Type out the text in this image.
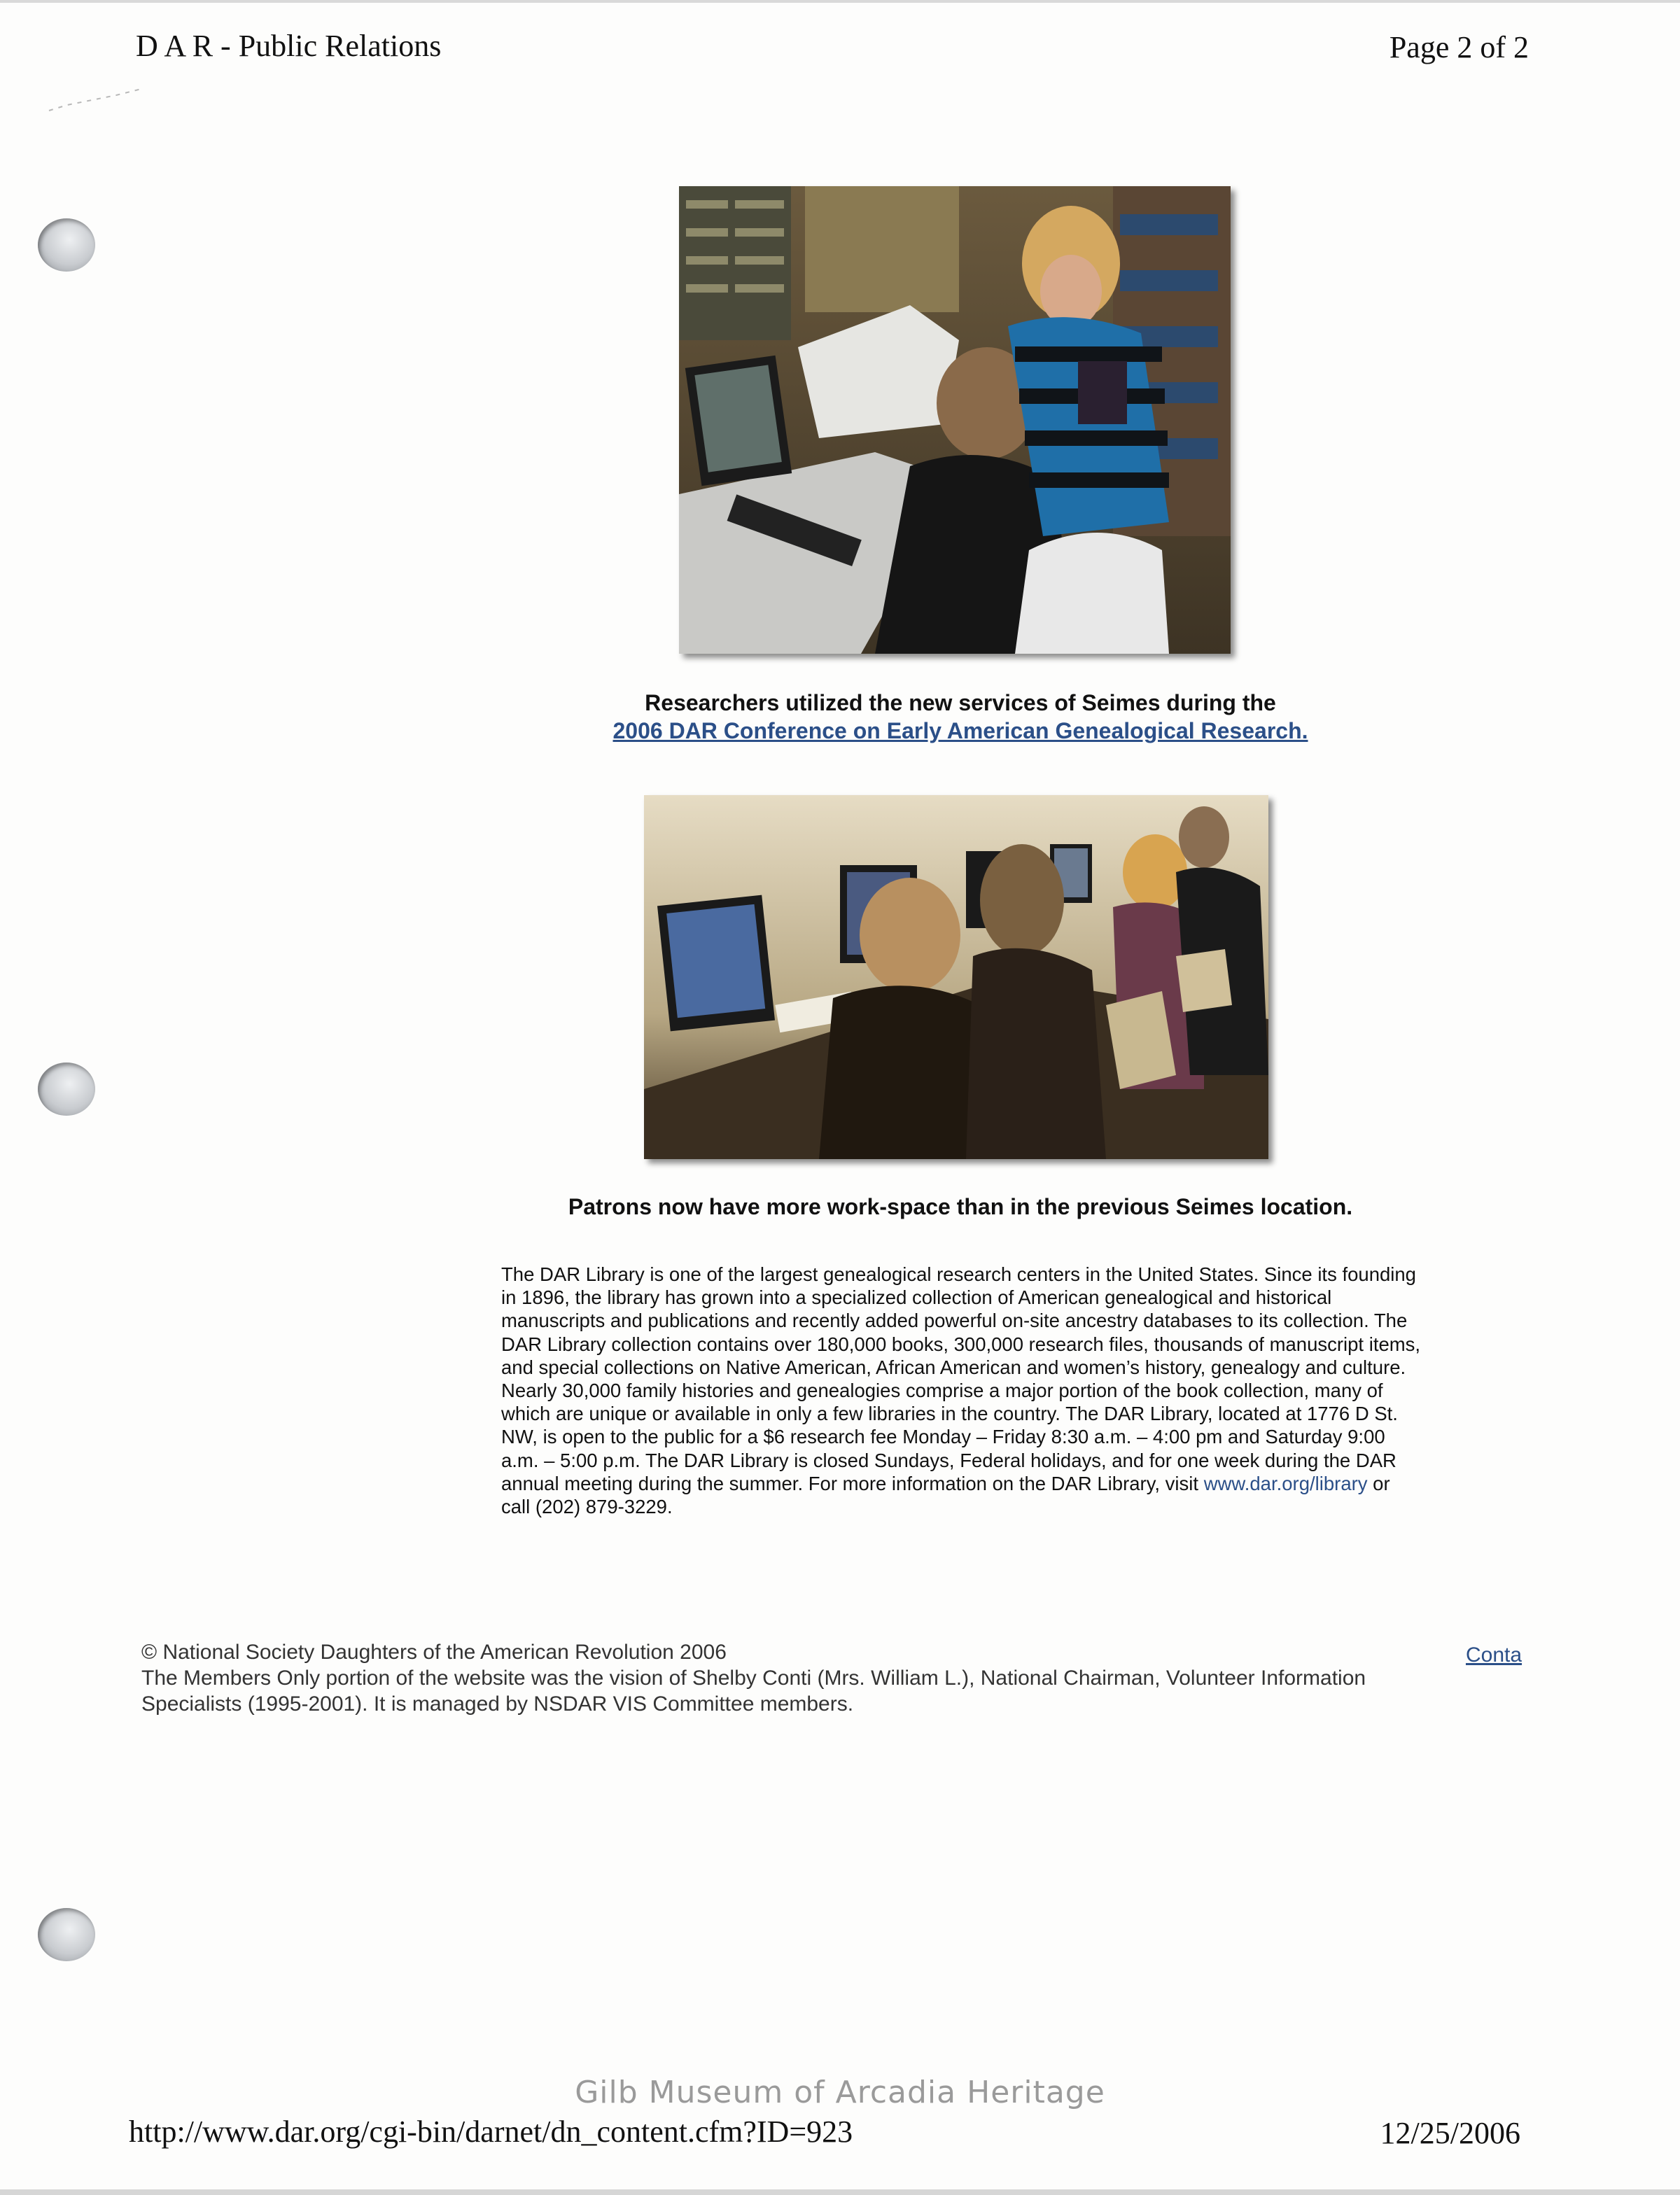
D A R - Public Relations	Page 2 of 2
Researchers utilized the new services of Seimes during the
2006 DAR Conference on Early American Genealogical Research.
Patrons now have more work-space than in the previous Seimes location.
The DAR Library is one of the largest genealogical research centers in the United States. Since its founding in 1896, the library has grown into a specialized collection of American genealogical and historical manuscripts and publications and recently added powerful on-site ancestry databases to its collection. The DAR Library collection contains over 180,000 books, 300,000 research files, thousands of manuscript items, and special collections on Native American, African American and women’s history, genealogy and culture. Nearly 30,000 family histories and genealogies comprise a major portion of the book collection, many of which are unique or available in only a few libraries in the country. The DAR Library, located at 1776 D St. NW, is open to the public for a $6 research fee Monday – Friday 8:30 a.m. – 4:00 pm and Saturday 9:00 a.m. – 5:00 p.m. The DAR Library is closed Sundays, Federal holidays, and for one week during the DAR annual meeting during the summer. For more information on the DAR Library, visit www.dar.org/library or call (202) 879-3229.
© National Society Daughters of the American Revolution 2006
The Members Only portion of the website was the vision of Shelby Conti (Mrs. William L.), National Chairman, Volunteer Information Specialists (1995-2001). It is managed by NSDAR VIS Committee members.
Conta
Gilb Museum of Arcadia Heritage
http://www.dar.org/cgi-bin/darnet/dn_content.cfm?ID=923	12/25/2006
